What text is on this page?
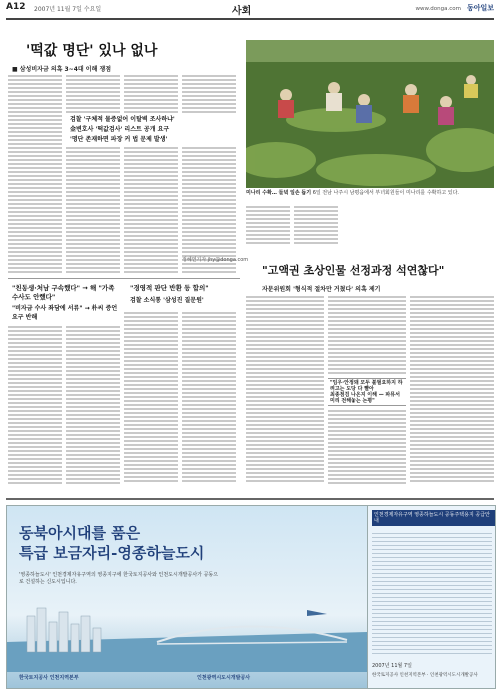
A12 2007년 11월 7일 수요일	사회	www.donga.com 동아일보
'떡값 명단' 있나 없나
■ 삼성비자금 의혹 3~4대 이해 쟁점
검찰 '구체적 물증없어 이탈벽 조사하냐'
金변호사 '떡값검사' 리스트 공개 요구
'명단 존재하면 파장 커 법 문제 발생'
정혜연기자 jhy@donga.com
미나리 수확… 들녘 일손 돕기 6일 전남 나주시 남평읍에서 부녀회원들이 미나리를 수확하고 있다.
"고액권 초상인물 선정과정 석연찮다"
자문위원회 '형식적 절차만 거쳤다' 의혹 제기
"임우·안정돼 모두 불필요하지 하려고는 도당 다 빨아
최종점검 나온지 이해 — 파뮤서 미리 전해놓는 논평"
"친동생·처남 구속했다" → 해 "가족 수사도 안했다"
"비자금 수사 좌담에 서류" → 朴씨 증언요구 반해
"경영적 판단 반환 등 합의"
검찰 소식통 '삼성진 질문원'
동북아시대를 품은
특급 보금자리-영종하늘도시
'영종하늘도시' 인천경제자유구역의 영종지구에 한국토지공사와 인천도시개발공사가 공동으로 건설하는 신도시입니다.
한국토지공사 인천지역본부	인천광역시도시개발공사
인천경제자유구역 영종하늘도시 공동주택용지 공급안내
2007년 11월 7일
한국토지공사 인천지역본부 · 인천광역시도시개발공사
